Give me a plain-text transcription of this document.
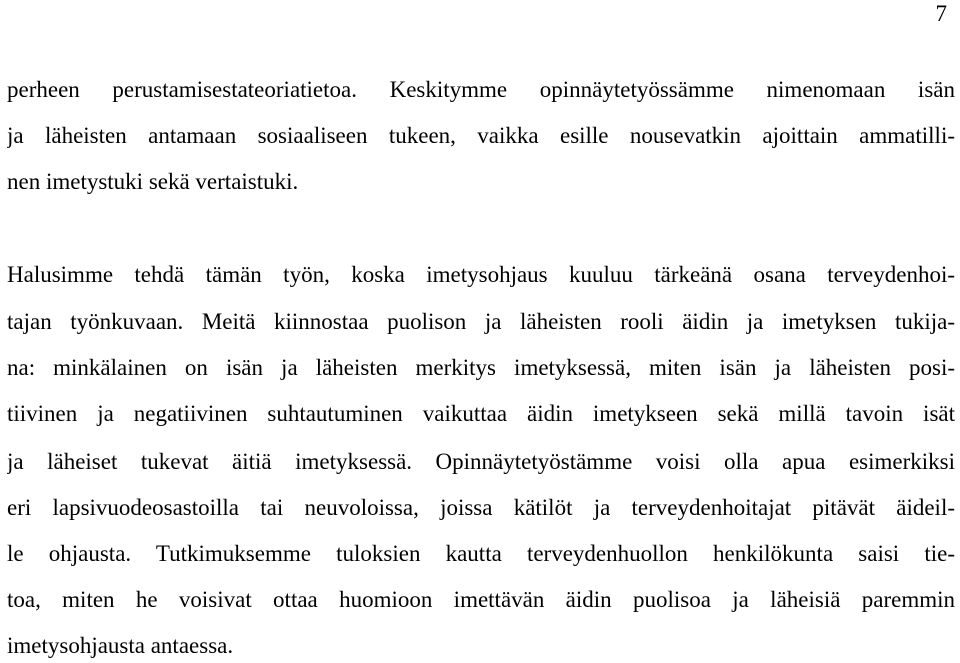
7
perheen perustamisestateoriatietoa. Keskitymme opinnäytetyössämme nimenomaan isän
ja läheisten antamaan sosiaaliseen tukeen, vaikka esille nousevatkin ajoittain ammatilli-
nen imetystuki sekä vertaistuki.
Halusimme tehdä tämän työn, koska imetysohjaus kuuluu tärkeänä osana terveydenhoi-
tajan työnkuvaan. Meitä kiinnostaa puolison ja läheisten rooli äidin ja imetyksen tukija-
na: minkälainen on isän ja läheisten merkitys imetyksessä, miten isän ja läheisten posi-
tiivinen ja negatiivinen suhtautuminen vaikuttaa äidin imetykseen sekä millä tavoin isät
ja läheiset tukevat äitiä imetyksessä. Opinnäytetyöstämme voisi olla apua esimerkiksi
eri lapsivuodeosastoilla tai neuvoloissa, joissa kätilöt ja terveydenhoitajat pitävät äideil-
le ohjausta. Tutkimuksemme tuloksien kautta terveydenhuollon henkilökunta saisi tie-
toa, miten he voisivat ottaa huomioon imettävän äidin puolisoa ja läheisiä paremmin
imetysohjausta antaessa.
